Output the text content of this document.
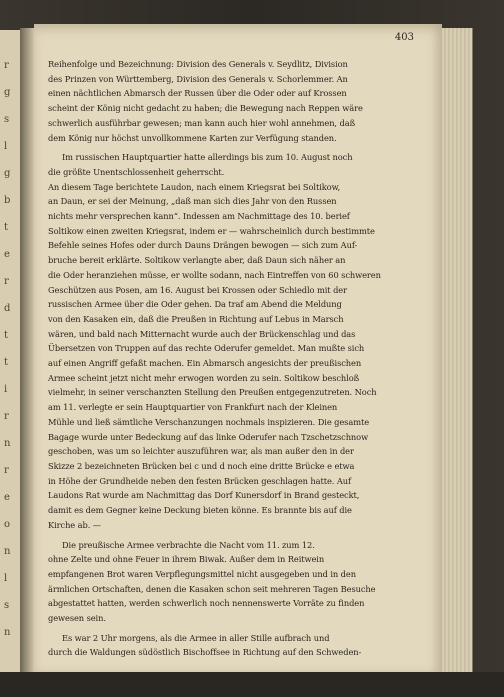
r
g
s
l
g
b
t
e
r
d
t
t
i
r
n
r
e
o
n
l
s
n
403
Reihenfolge und Bezeichnung: Division des Generals v. Seydlitz, Division
des Prinzen von Württemberg, Division des Generals v. Schorlemmer. An
einen nächtlichen Abmarsch der Russen über die Oder oder auf Krossen
scheint der König nicht gedacht zu haben; die Bewegung nach Reppen wäre
schwerlich ausführbar gewesen; man kann auch hier wohl annehmen, daß
dem König nur höchst unvollkommene Karten zur Verfügung standen.
Im russischen Hauptquartier hatte allerdings bis zum 10. August noch
die größte Unentschlossenheit geherrscht.
An diesem Tage berichtete Laudon, nach einem Kriegsrat bei Soltikow,
an Daun, er sei der Meinung, „daß man sich dies Jahr von den Russen
nichts mehr versprechen kann“. Indessen am Nachmittage des 10. berief
Soltikow einen zweiten Kriegsrat, indem er — wahrscheinlich durch bestimmte
Befehle seines Hofes oder durch Dauns Drängen bewogen — sich zum Auf-
bruche bereit erklärte. Soltikow verlangte aber, daß Daun sich näher an
die Oder heranziehen müsse, er wollte sodann, nach Eintreffen von 60 schweren
Geschützen aus Posen, am 16. August bei Krossen oder Schiedlo mit der
russischen Armee über die Oder gehen. Da traf am Abend die Meldung
von den Kasaken ein, daß die Preußen in Richtung auf Lebus in Marsch
wären, und bald nach Mitternacht wurde auch der Brückenschlag und das
Übersetzen von Truppen auf das rechte Oderufer gemeldet. Man mußte sich
auf einen Angriff gefaßt machen. Ein Abmarsch angesichts der preußischen
Armee scheint jetzt nicht mehr erwogen worden zu sein. Soltikow beschloß
vielmehr, in seiner verschanzten Stellung den Preußen entgegenzutreten. Noch
am 11. verlegte er sein Hauptquartier von Frankfurt nach der Kleinen
Mühle und ließ sämtliche Verschanzungen nochmals inspizieren. Die gesamte
Bagage wurde unter Bedeckung auf das linke Oderufer nach Tzschetzschnow
geschoben, was um so leichter auszuführen war, als man außer den in der
Skizze 2 bezeichneten Brücken bei c und d noch eine dritte Brücke e etwa
in Höhe der Grundheide neben den festen Brücken geschlagen hatte. Auf
Laudons Rat wurde am Nachmittag das Dorf Kunersdorf in Brand gesteckt,
damit es dem Gegner keine Deckung bieten könne. Es brannte bis auf die
Kirche ab. —
Die preußische Armee verbrachte die Nacht vom 11. zum 12.
ohne Zelte und ohne Feuer in ihrem Biwak. Außer dem in Reitwein
empfangenen Brot waren Verpflegungsmittel nicht ausgegeben und in den
ärmlichen Ortschaften, denen die Kasaken schon seit mehreren Tagen Besuche
abgestattet hatten, werden schwerlich noch nennenswerte Vorräte zu finden
gewesen sein.
Es war 2 Uhr morgens, als die Armee in aller Stille aufbrach und
durch die Waldungen südöstlich Bischoffsee in Richtung auf den Schweden-
